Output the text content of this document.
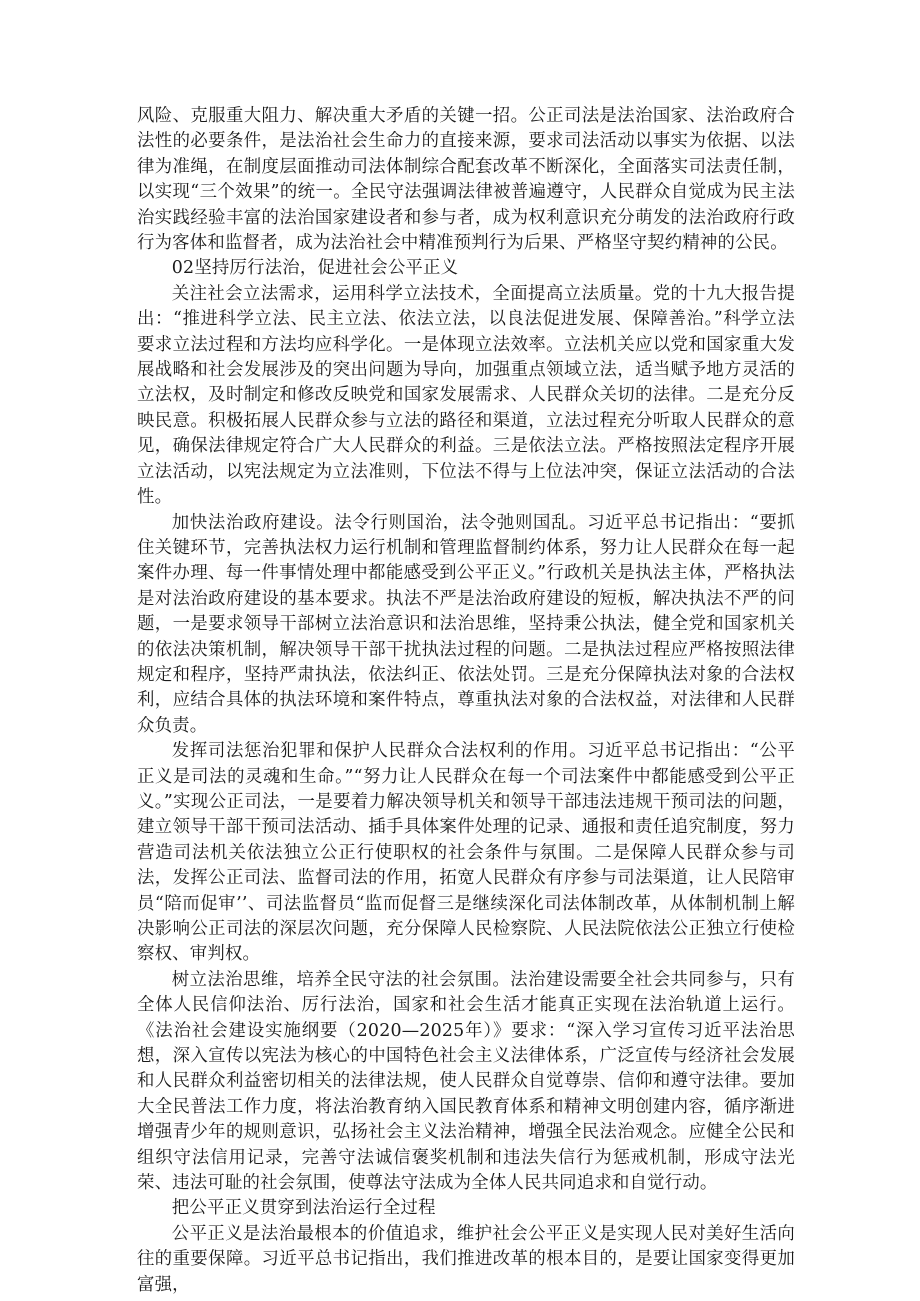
风险、克服重大阻力、解决重大矛盾的关键一招。公正司法是法治国家、法治政府合法性的必要条件，是法治社会生命力的直接来源，要求司法活动以事实为依据、以法律为准绳，在制度层面推动司法体制综合配套改革不断深化，全面落实司法责任制，以实现“三个效果”的统一。全民守法强调法律被普遍遵守，人民群众自觉成为民主法治实践经验丰富的法治国家建设者和参与者，成为权利意识充分萌发的法治政府行政行为客体和监督者，成为法治社会中精准预判行为后果、严格坚守契约精神的公民。

02坚持厉行法治，促进社会公平正义

关注社会立法需求，运用科学立法技术，全面提高立法质量。党的十九大报告提出：“推进科学立法、民主立法、依法立法，以良法促进发展、保障善治。”科学立法要求立法过程和方法均应科学化。一是体现立法效率。立法机关应以党和国家重大发展战略和社会发展涉及的突出问题为导向，加强重点领域立法，适当赋予地方灵活的立法权，及时制定和修改反映党和国家发展需求、人民群众关切的法律。二是充分反映民意。积极拓展人民群众参与立法的路径和渠道，立法过程充分听取人民群众的意见，确保法律规定符合广大人民群众的利益。三是依法立法。严格按照法定程序开展立法活动，以宪法规定为立法准则，下位法不得与上位法冲突，保证立法活动的合法性。

加快法治政府建设。法令行则国治，法令弛则国乱。习近平总书记指出：“要抓住关键环节，完善执法权力运行机制和管理监督制约体系，努力让人民群众在每一起案件办理、每一件事情处理中都能感受到公平正义。”行政机关是执法主体，严格执法是对法治政府建设的基本要求。执法不严是法治政府建设的短板，解决执法不严的问题，一是要求领导干部树立法治意识和法治思维，坚持秉公执法，健全党和国家机关的依法决策机制，解决领导干部干扰执法过程的问题。二是执法过程应严格按照法律规定和程序，坚持严肃执法，依法纠正、依法处罚。三是充分保障执法对象的合法权利，应结合具体的执法环境和案件特点，尊重执法对象的合法权益，对法律和人民群众负责。

发挥司法惩治犯罪和保护人民群众合法权利的作用。习近平总书记指出：“公平正义是司法的灵魂和生命。”“努力让人民群众在每一个司法案件中都能感受到公平正义。”实现公正司法，一是要着力解决领导机关和领导干部违法违规干预司法的问题，建立领导干部干预司法活动、插手具体案件处理的记录、通报和责任追究制度，努力营造司法机关依法独立公正行使职权的社会条件与氛围。二是保障人民群众参与司法，发挥公正司法、监督司法的作用，拓宽人民群众有序参与司法渠道，让人民陪审员“陪而促审’’、司法监督员“监而促督三是继续深化司法体制改革，从体制机制上解决影响公正司法的深层次问题，充分保障人民检察院、人民法院依法公正独立行使检察权、审判权。

树立法治思维，培养全民守法的社会氛围。法治建设需要全社会共同参与，只有全体人民信仰法治、厉行法治，国家和社会生活才能真正实现在法治轨道上运行。《法治社会建设实施纲要（2020—2025年）》要求：“深入学习宣传习近平法治思想，深入宣传以宪法为核心的中国特色社会主义法律体系，广泛宣传与经济社会发展和人民群众利益密切相关的法律法规，使人民群众自觉尊崇、信仰和遵守法律。要加大全民普法工作力度，将法治教育纳入国民教育体系和精神文明创建内容，循序渐进增强青少年的规则意识，弘扬社会主义法治精神，增强全民法治观念。应健全公民和组织守法信用记录，完善守法诚信褒奖机制和违法失信行为惩戒机制，形成守法光荣、违法可耻的社会氛围，使尊法守法成为全体人民共同追求和自觉行动。

把公平正义贯穿到法治运行全过程

公平正义是法治最根本的价值追求，维护社会公平正义是实现人民对美好生活向往的重要保障。习近平总书记指出，我们推进改革的根本目的，是要让国家变得更加富强，
